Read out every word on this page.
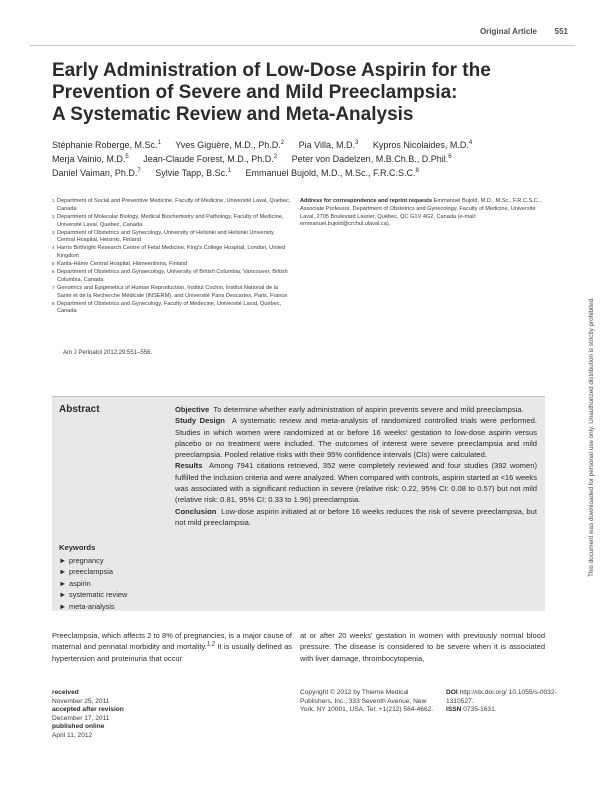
Original Article 551
Early Administration of Low-Dose Aspirin for the
Prevention of Severe and Mild Preeclampsia:
A Systematic Review and Meta-Analysis
Stéphanie Roberge, M.Sc.$^1$ Yves Giguère, M.D., Ph.D.$^2$ Pia Villa, M.D.$^3$ Kypros Nicolaides, M.D.$^4$
Merja Vainio, M.D.$^5$ Jean-Claude Forest, M.D., Ph.D.$^2$ Peter von Dadelzen, M.B.Ch.B., D.Phil.$^6$
Daniel Vaiman, Ph.D.$^7$ Sylvie Tapp, B.Sc.$^1$ Emmanuel Bujold, M.D., M.Sc., F.R.C.S.C.$^8$
1 Department of Social and Preventive Medicine, Faculty of Medicine, Université Laval, Quebec, Canada
2 Department of Molecular Biology, Medical Biochemistry and Pathology, Faculty of Medicine, Université Laval, Quebec, Canada
3 Department of Obstetrics and Gynecology, University of Helsinki and Helsinki University Central Hospital, Helsinki, Finland
4 Harris Birthright Research Centre of Fetal Medicine, King's College Hospital, London, United Kingdom
5 Kanta-Häme Central Hospital, Hämeenlinna, Finland
6 Department of Obstetrics and Gynaecology, University of British Columbia, Vancouver, British Columbia, Canada
7 Genomics and Epigenetics of Human Reproduction, Institut Cochin, Institut National de la Santé et de la Recherche Médicale (INSERM), and Université Paris Descartes, Paris, France
8 Department of Obstetrics and Gynecology, Faculty of Medecine, Université Laval, Quebec, Canada
Address for correspondence and reprint requests Emmanuel Bujold, M.D., M.Sc., F.R.C.S.C., Associate Professor, Department of Obstetrics and Gynecology, Faculty of Medicine, Université Laval, 2705 Boulevard Laurier, Québec, QC G1V 4G2, Canada (e-mail: emmanuel.bujold@crchul.ulaval.ca).
Am J Perinatol 2012;29:551–556.
Abstract	Objective To determine whether early administration of aspirin prevents severe and mild preeclampsia.
Study Design A systematic review and meta-analysis of randomized controlled trials were performed. Studies in which women were randomized at or before 16 weeks' gestation to low-dose aspirin versus placebo or no treatment were included. The outcomes of interest were severe preeclampsia and mild preeclampsia. Pooled relative risks with their 95% confidence intervals (CIs) were calculated.
Results Among 7941 citations retrieved, 352 were completely reviewed and four studies (392 women) fulfilled the inclusion criteria and were analyzed. When compared with controls, aspirin started at <16 weeks was associated with a significant reduction in severe (relative risk: 0.22, 95% CI: 0.08 to 0.57) but not mild (relative risk: 0.81, 95% CI: 0.33 to 1.96) preeclampsia.
Conclusion Low-dose aspirin initiated at or before 16 weeks reduces the risk of severe preeclampsia, but not mild preeclampsia.
Keywords
► pregnancy
► preeclampsia
► aspirin
► systematic review
► meta-analysis
Preeclampsia, which affects 2 to 8% of pregnancies, is a major cause of maternal and perinatal morbidity and mortality.$^{1,2}$ It is usually defined as hypertension and proteinuria that occur
at or after 20 weeks' gestation in women with previously normal blood pressure. The disease is considered to be severe when it is associated with liver damage, thrombocytopenia,
received
November 25, 2011
accepted after revision
December 17, 2011
published online
April 11, 2012
Copyright © 2012 by Thieme Medical Publishers, Inc., 333 Seventh Avenue, New York, NY 10001, USA. Tel: +1(212) 584-4662.
DOI http://dx.doi.org/ 10.1055/s-0032-1310527.
ISSN 0735-1631.
This document was downloaded for personal use only. Unauthorized distribution is strictly prohibited.
